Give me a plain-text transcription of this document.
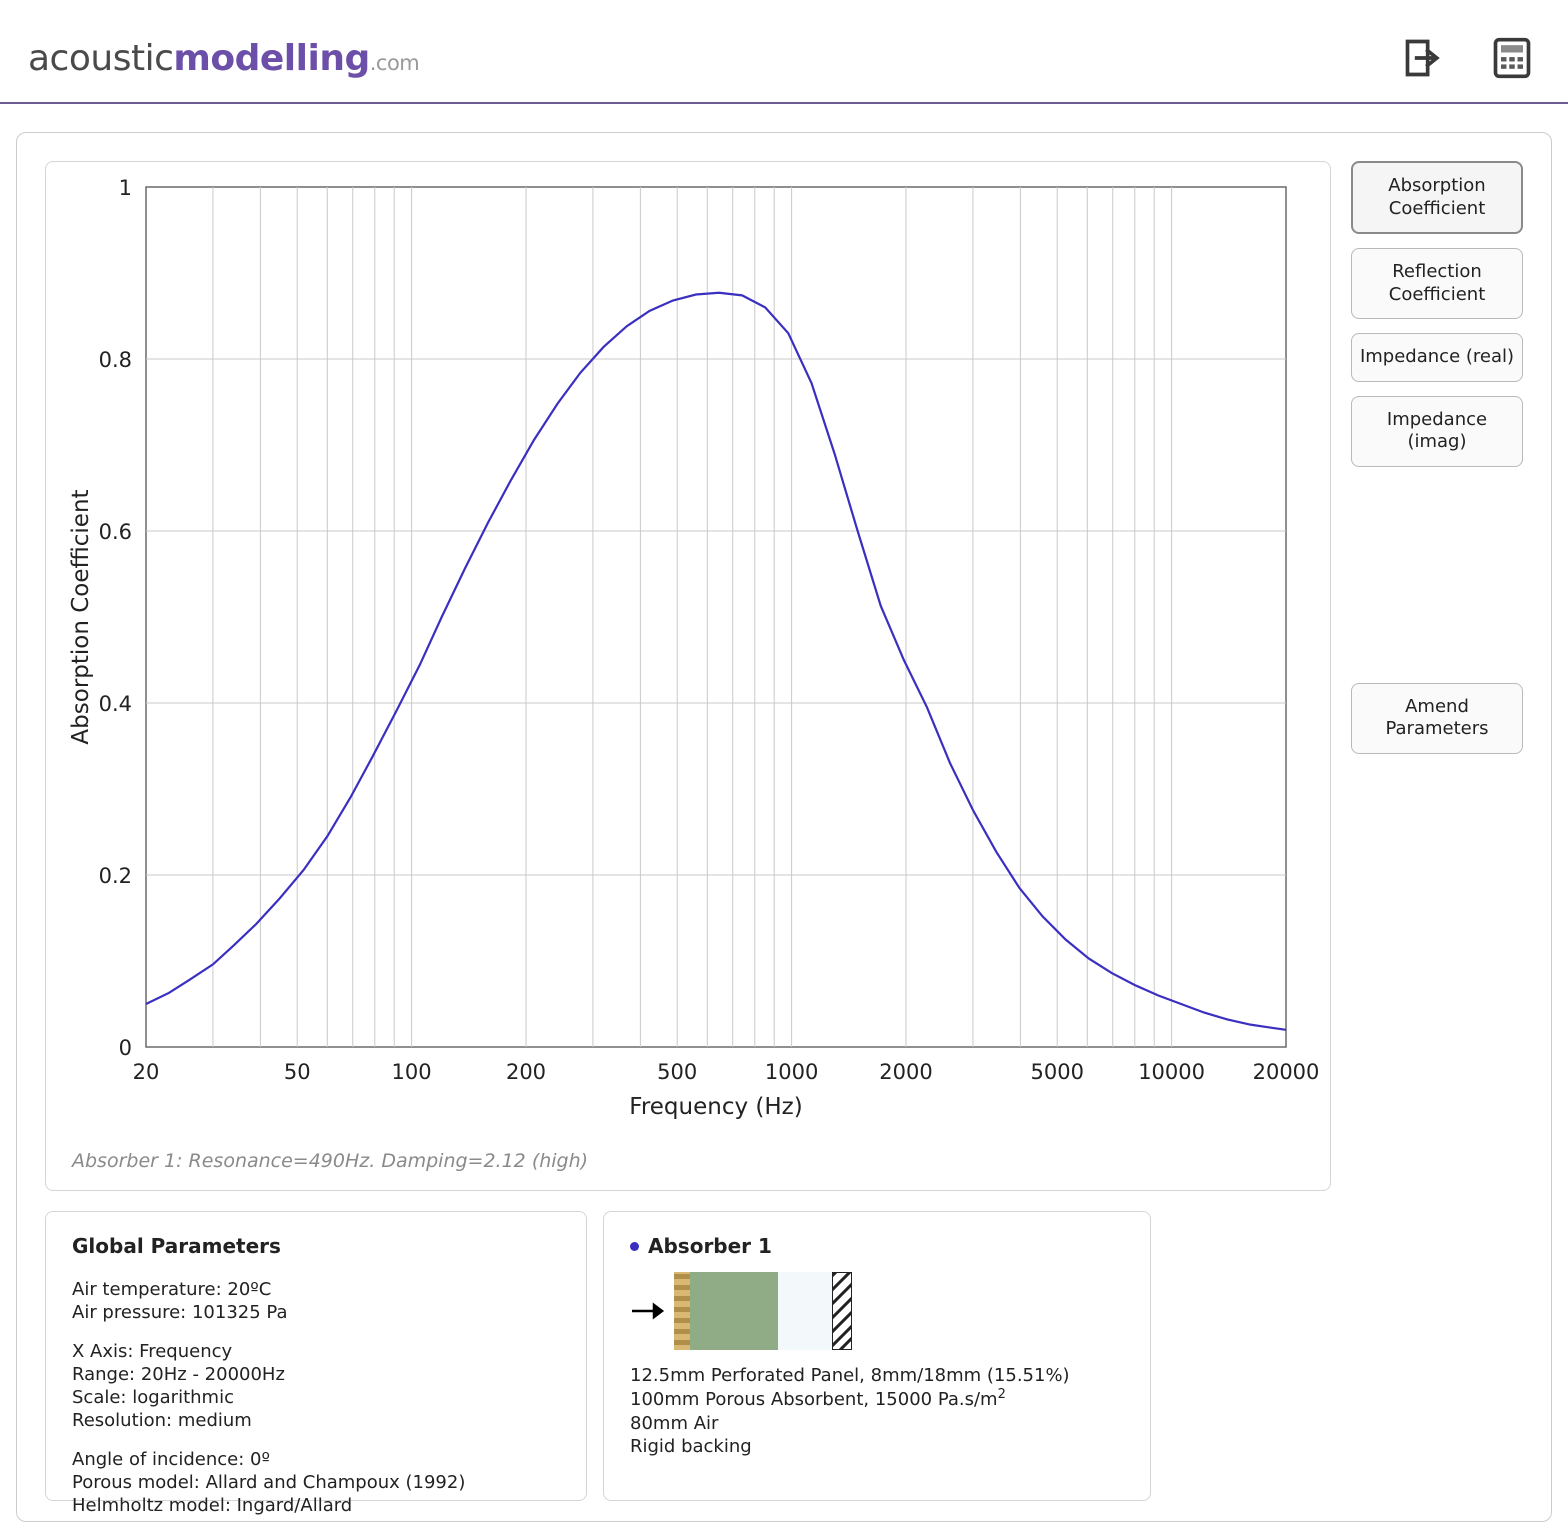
acousticmodelling.com
20	50	100	200	500	1000	2000	5000	10000 20000
0
0.2
0.4
0.6
0.8
1
Frequency (Hz)
Absorption Coefficient
Absorber 1: Resonance=490Hz. Damping=2.12 (high)
Absorption Coefficient
Reflection Coefficient
Impedance (real)
Impedance (imag)
Amend Parameters
Global Parameters
Air temperature: 20ºC
Air pressure: 101325 Pa
X Axis: Frequency
Range: 20Hz - 20000Hz
Scale: logarithmic
Resolution: medium
Angle of incidence: 0º
Porous model: Allard and Champoux (1992)
Helmholtz model: Ingard/Allard
Absorber 1
12.5mm Perforated Panel, 8mm/18mm (15.51%)
100mm Porous Absorbent, 15000 $Pa.s/m^2$
80mm Air
Rigid backing
